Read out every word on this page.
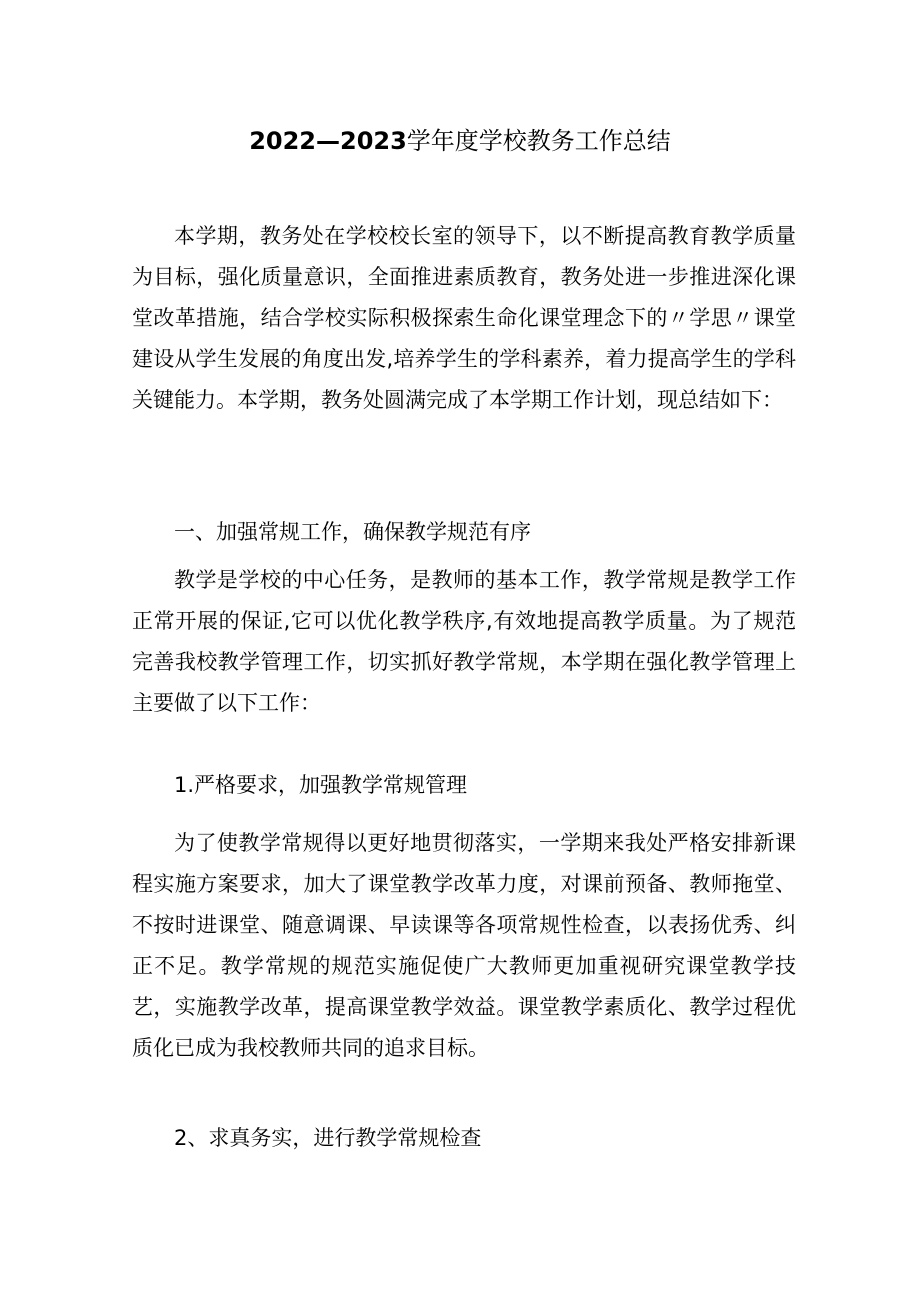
2022—2023学年度学校教务工作总结

本学期，教务处在学校校长室的领导下，以不断提高教育教学质量为目标，强化质量意识，全面推进素质教育，教务处进一步推进深化课堂改革措施，结合学校实际积极探索生命化课堂理念下的〃学思〃课堂建设从学生发展的角度出发,培养学生的学科素养，着力提高学生的学科关键能力。本学期，教务处圆满完成了本学期工作计划，现总结如下：

一、加强常规工作，确保教学规范有序

教学是学校的中心任务，是教师的基本工作，教学常规是教学工作正常开展的保证,它可以优化教学秩序,有效地提高教学质量。为了规范完善我校教学管理工作，切实抓好教学常规，本学期在强化教学管理上主要做了以下工作：

1.严格要求，加强教学常规管理

为了使教学常规得以更好地贯彻落实，一学期来我处严格安排新课程实施方案要求，加大了课堂教学改革力度，对课前预备、教师拖堂、不按时进课堂、随意调课、早读课等各项常规性检查，以表扬优秀、纠正不足。教学常规的规范实施促使广大教师更加重视研究课堂教学技艺，实施教学改革，提高课堂教学效益。课堂教学素质化、教学过程优质化已成为我校教师共同的追求目标。

2、求真务实，进行教学常规检查
